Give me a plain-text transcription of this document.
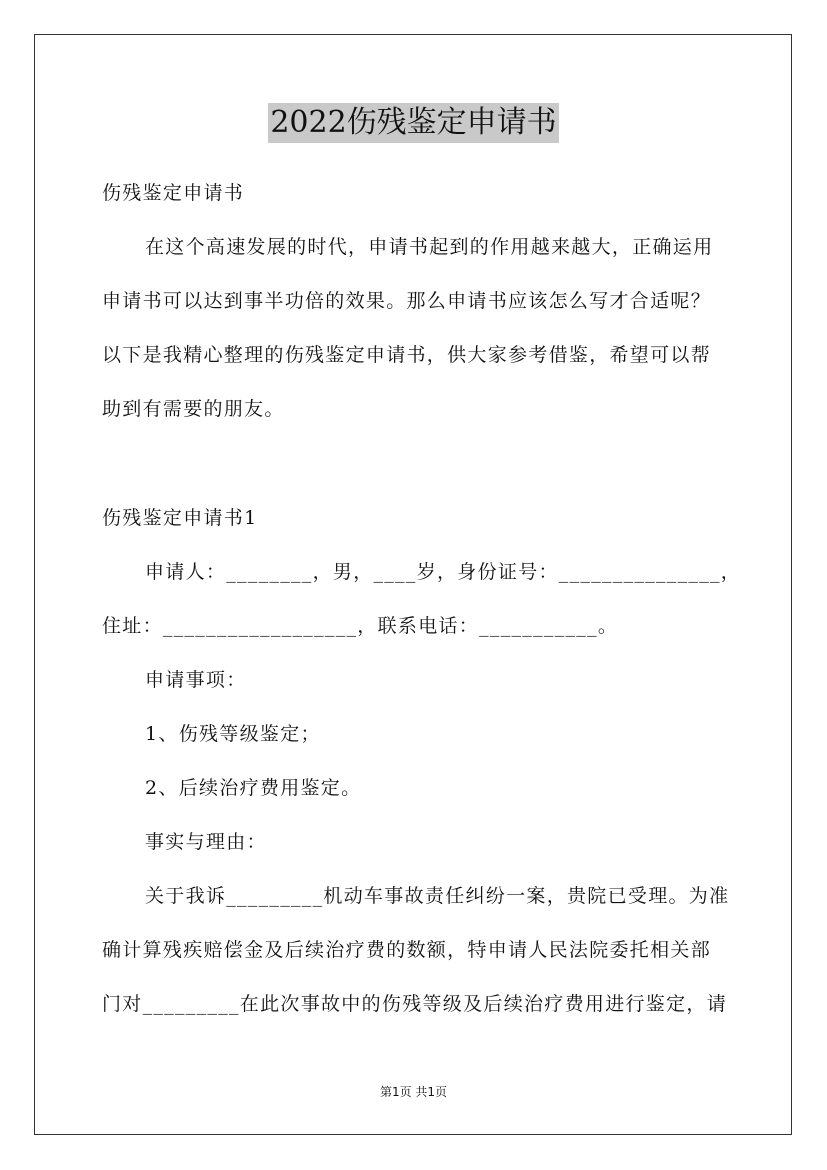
2022伤残鉴定申请书
伤残鉴定申请书
在这个高速发展的时代，申请书起到的作用越来越大，正确运用
申请书可以达到事半功倍的效果。那么申请书应该怎么写才合适呢？
以下是我精心整理的伤残鉴定申请书，供大家参考借鉴，希望可以帮
助到有需要的朋友。
伤残鉴定申请书1
申请人：________，男，____岁，身份证号：_______________，
住址：__________________，联系电话：___________。
申请事项：
1、伤残等级鉴定；
2、后续治疗费用鉴定。
事实与理由：
关于我诉_________机动车事故责任纠纷一案，贵院已受理。为准
确计算残疾赔偿金及后续治疗费的数额，特申请人民法院委托相关部
门对_________在此次事故中的伤残等级及后续治疗费用进行鉴定，请
第1页 共1页
